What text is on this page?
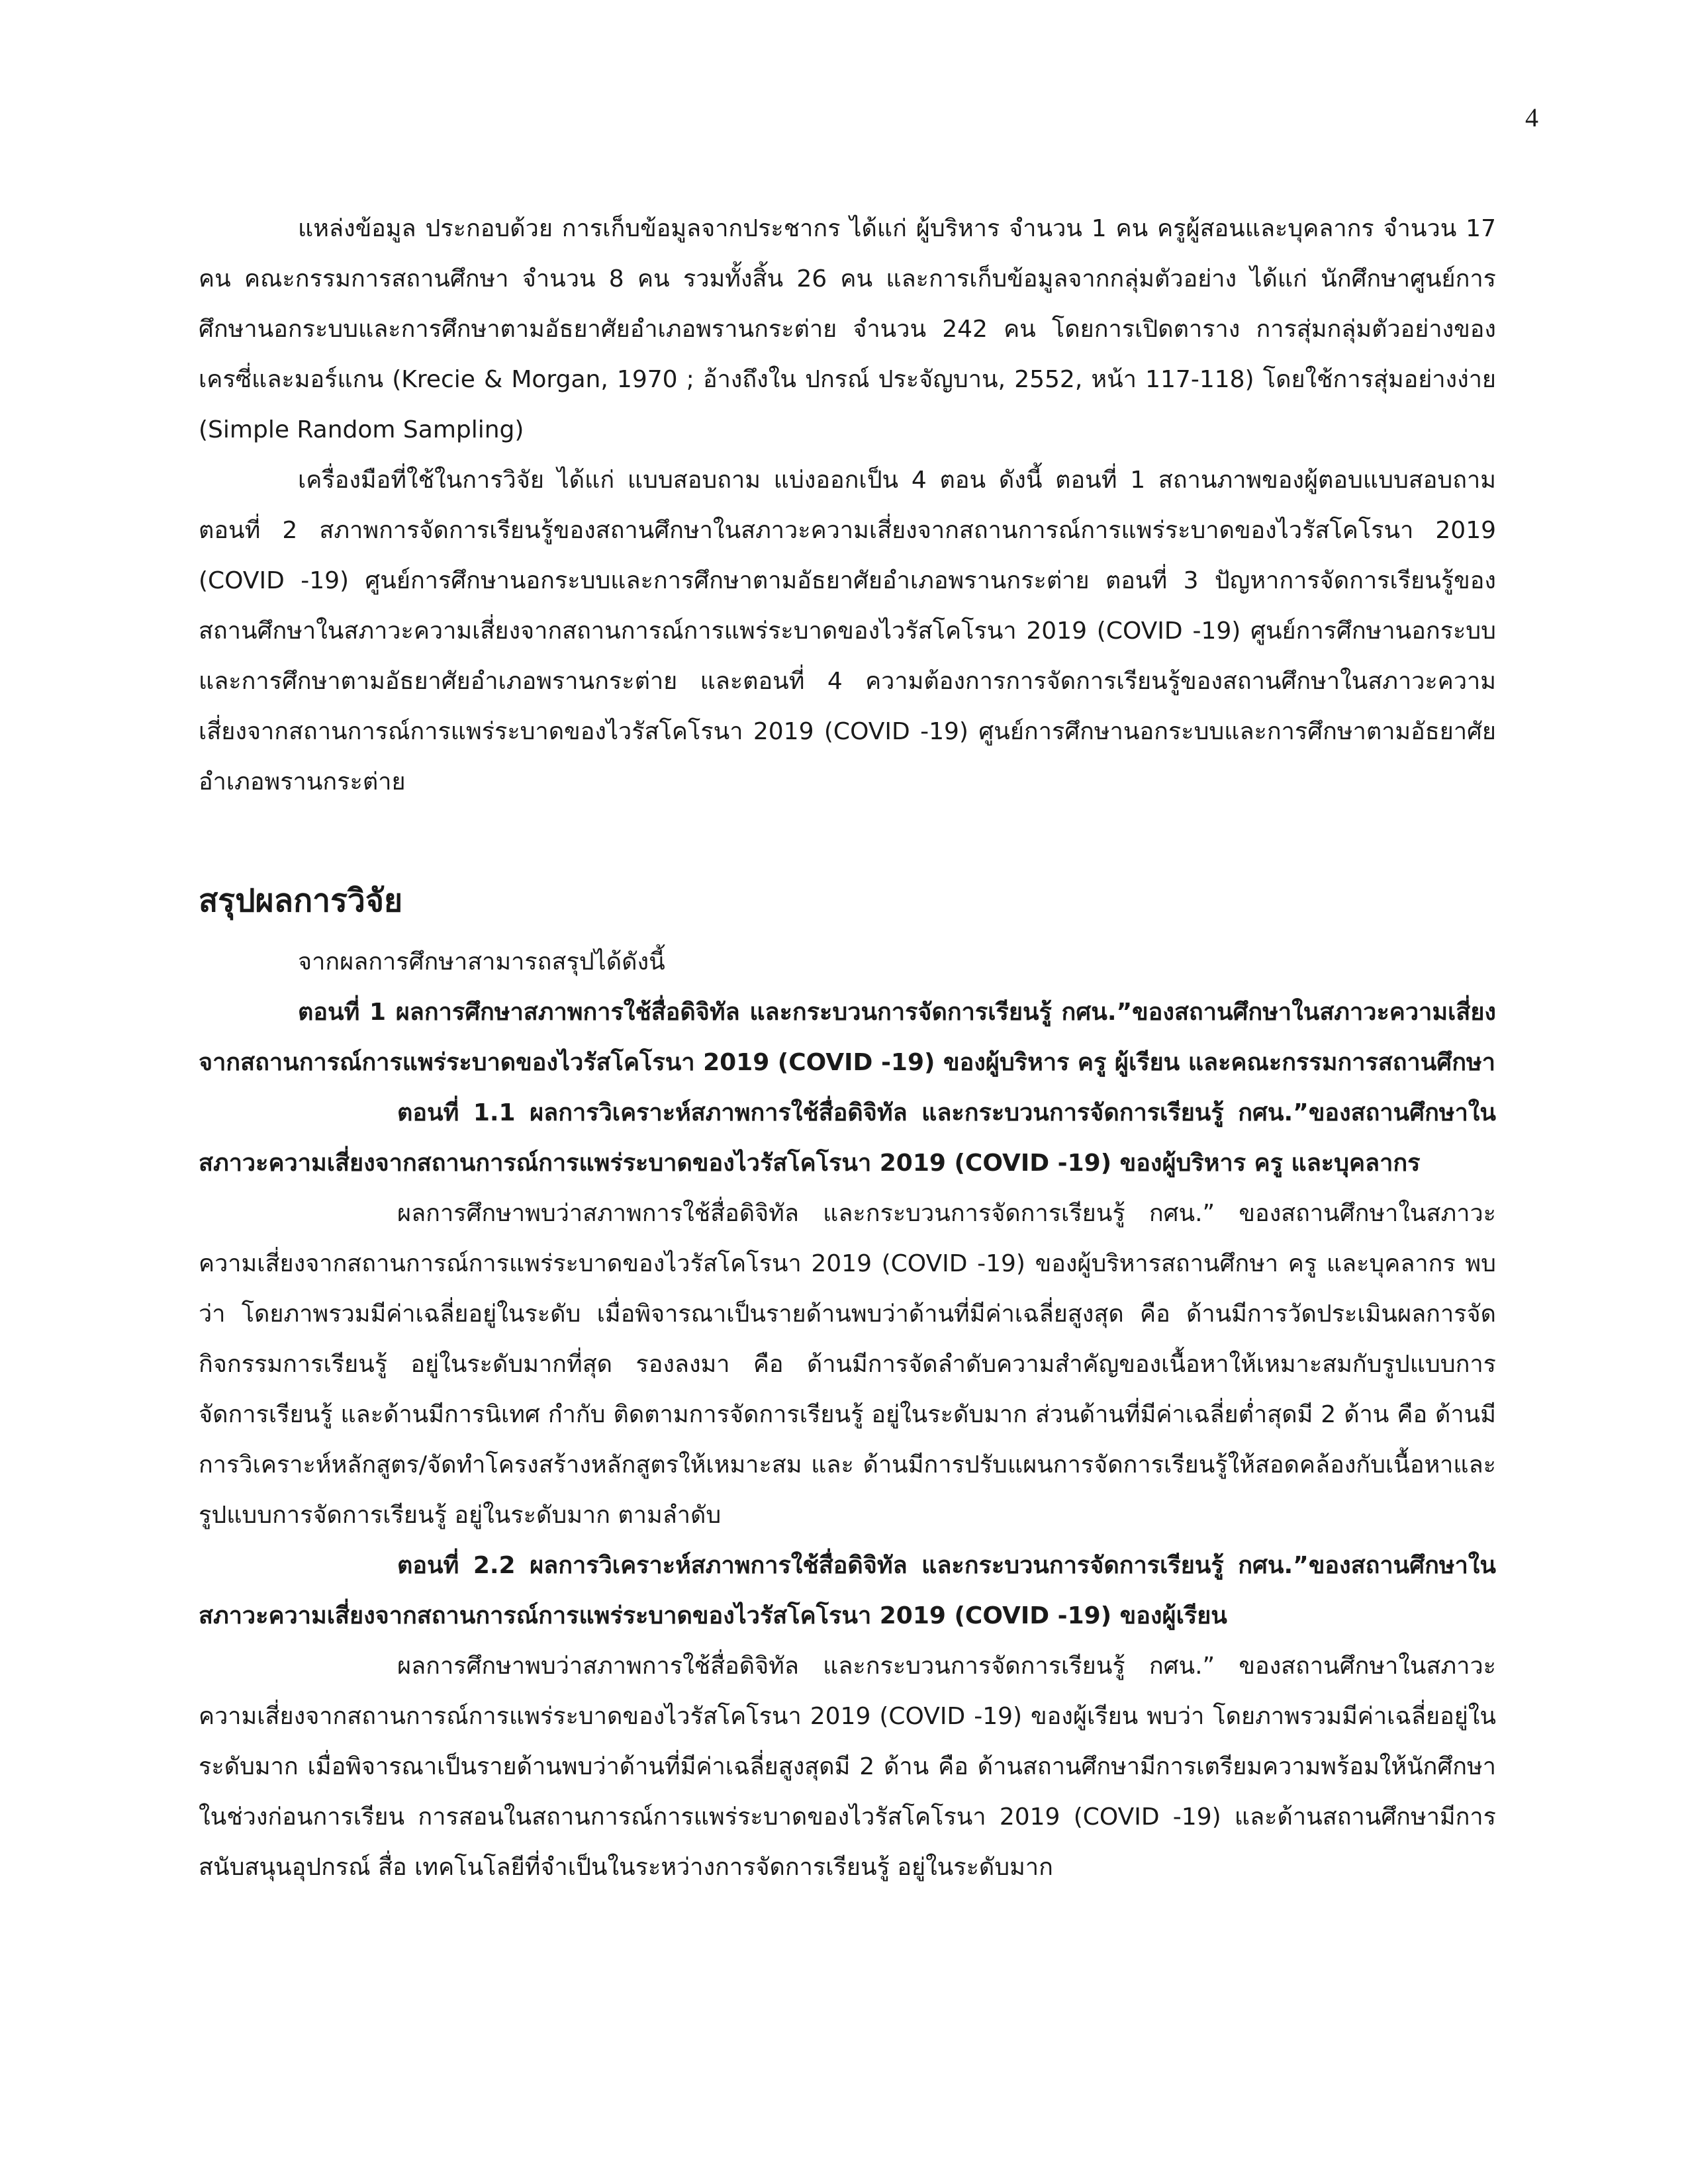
4

แหล่งข้อมูล ประกอบด้วย การเก็บข้อมูลจากประชากร ได้แก่ ผู้บริหาร จำนวน 1 คน ครูผู้สอนและบุคลากร จำนวน 17 คน คณะกรรมการสถานศึกษา จำนวน 8 คน รวมทั้งสิ้น 26 คน และการเก็บข้อมูลจากกลุ่มตัวอย่าง ได้แก่ นักศึกษาศูนย์การศึกษานอกระบบและการศึกษาตามอัธยาศัยอำเภอพรานกระต่าย จำนวน 242 คน โดยการเปิดตาราง การสุ่มกลุ่มตัวอย่างของ เครซี่และมอร์แกน (Krecie & Morgan, 1970 ; อ้างถึงใน ปกรณ์ ประจัญบาน, 2552, หน้า 117-118) โดยใช้การสุ่มอย่างง่าย (Simple Random Sampling)

เครื่องมือที่ใช้ในการวิจัย ได้แก่ แบบสอบถาม แบ่งออกเป็น 4 ตอน ดังนี้ ตอนที่ 1 สถานภาพของผู้ตอบแบบสอบถาม ตอนที่ 2 สภาพการจัดการเรียนรู้ของสถานศึกษาในสภาวะความเสี่ยงจากสถานการณ์การแพร่ระบาดของไวรัสโคโรนา 2019 (COVID -19) ศูนย์การศึกษานอกระบบและการศึกษาตามอัธยาศัยอำเภอพรานกระต่าย ตอนที่ 3 ปัญหาการจัดการเรียนรู้ของสถานศึกษาในสภาวะความเสี่ยงจากสถานการณ์การแพร่ระบาดของไวรัสโคโรนา 2019 (COVID -19) ศูนย์การศึกษานอกระบบและการศึกษาตามอัธยาศัยอำเภอพรานกระต่าย และตอนที่ 4 ความต้องการการจัดการเรียนรู้ของสถานศึกษาในสภาวะความเสี่ยงจากสถานการณ์การแพร่ระบาดของไวรัสโคโรนา 2019 (COVID -19) ศูนย์การศึกษานอกระบบและการศึกษาตามอัธยาศัยอำเภอพรานกระต่าย

สรุปผลการวิจัย

จากผลการศึกษาสามารถสรุปได้ดังนี้

ตอนที่ 1 ผลการศึกษาสภาพการใช้สื่อดิจิทัล และกระบวนการจัดการเรียนรู้ กศน.”ของสถานศึกษาในสภาวะความเสี่ยงจากสถานการณ์การแพร่ระบาดของไวรัสโคโรนา 2019 (COVID -19) ของผู้บริหาร ครู ผู้เรียน และคณะกรรมการสถานศึกษา

ตอนที่ 1.1 ผลการวิเคราะห์สภาพการใช้สื่อดิจิทัล และกระบวนการจัดการเรียนรู้ กศน.”ของสถานศึกษาในสภาวะความเสี่ยงจากสถานการณ์การแพร่ระบาดของไวรัสโคโรนา 2019 (COVID -19) ของผู้บริหาร ครู และบุคลากร

ผลการศึกษาพบว่าสภาพการใช้สื่อดิจิทัล และกระบวนการจัดการเรียนรู้ กศน.” ของสถานศึกษาในสภาวะความเสี่ยงจากสถานการณ์การแพร่ระบาดของไวรัสโคโรนา 2019 (COVID -19) ของผู้บริหารสถานศึกษา ครู และบุคลากร พบว่า โดยภาพรวมมีค่าเฉลี่ยอยู่ในระดับ เมื่อพิจารณาเป็นรายด้านพบว่าด้านที่มีค่าเฉลี่ยสูงสุด คือ ด้านมีการวัดประเมินผลการจัดกิจกรรมการเรียนรู้ อยู่ในระดับมากที่สุด รองลงมา คือ ด้านมีการจัดลำดับความสำคัญของเนื้อหาให้เหมาะสมกับรูปแบบการจัดการเรียนรู้ และด้านมีการนิเทศ กำกับ ติดตามการจัดการเรียนรู้ อยู่ในระดับมาก ส่วนด้านที่มีค่าเฉลี่ยต่ำสุดมี 2 ด้าน คือ ด้านมีการวิเคราะห์หลักสูตร/จัดทำโครงสร้างหลักสูตรให้เหมาะสม และ ด้านมีการปรับแผนการจัดการเรียนรู้ให้สอดคล้องกับเนื้อหาและรูปแบบการจัดการเรียนรู้ อยู่ในระดับมาก ตามลำดับ

ตอนที่ 2.2 ผลการวิเคราะห์สภาพการใช้สื่อดิจิทัล และกระบวนการจัดการเรียนรู้ กศน.”ของสถานศึกษาในสภาวะความเสี่ยงจากสถานการณ์การแพร่ระบาดของไวรัสโคโรนา 2019 (COVID -19) ของผู้เรียน

ผลการศึกษาพบว่าสภาพการใช้สื่อดิจิทัล และกระบวนการจัดการเรียนรู้ กศน.” ของสถานศึกษาในสภาวะความเสี่ยงจากสถานการณ์การแพร่ระบาดของไวรัสโคโรนา 2019 (COVID -19) ของผู้เรียน พบว่า โดยภาพรวมมีค่าเฉลี่ยอยู่ในระดับมาก เมื่อพิจารณาเป็นรายด้านพบว่าด้านที่มีค่าเฉลี่ยสูงสุดมี 2 ด้าน คือ ด้านสถานศึกษามีการเตรียมความพร้อมให้นักศึกษาในช่วงก่อนการเรียน การสอนในสถานการณ์การแพร่ระบาดของไวรัสโคโรนา 2019 (COVID -19) และด้านสถานศึกษามีการสนับสนุนอุปกรณ์ สื่อ เทคโนโลยีที่จำเป็นในระหว่างการจัดการเรียนรู้ อยู่ในระดับมาก
